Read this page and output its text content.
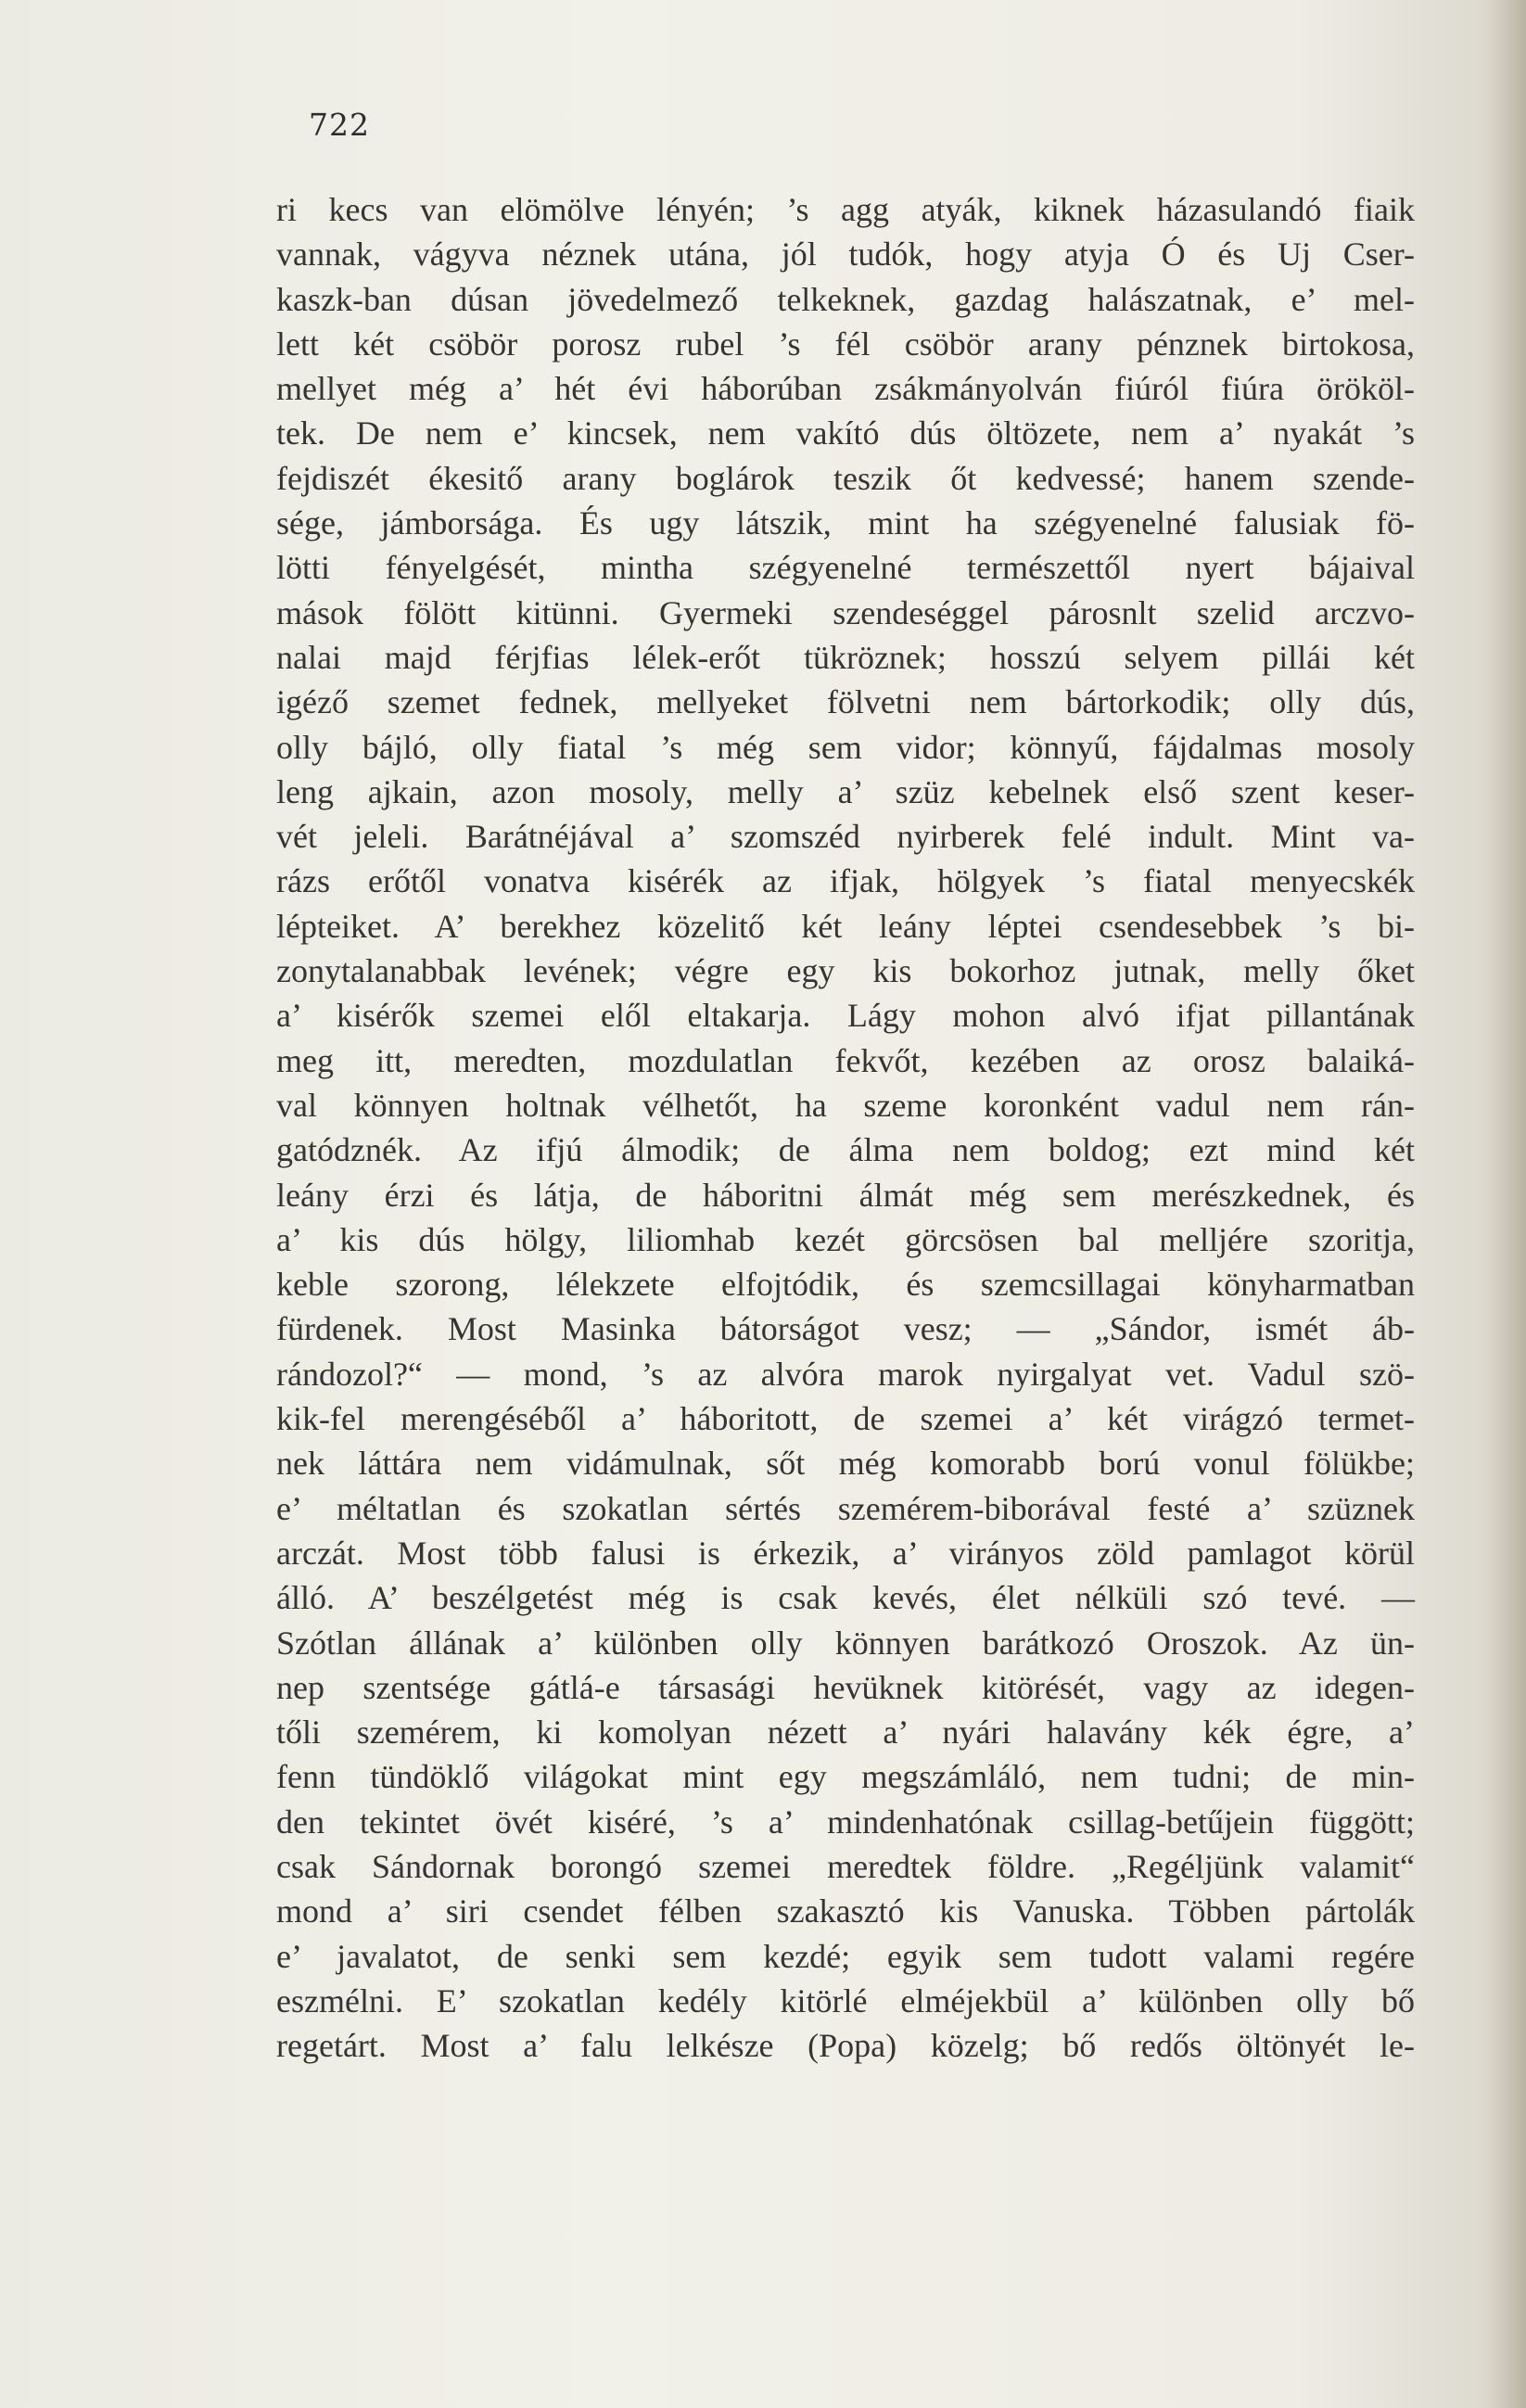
722
ri kecs van elömölve lényén; ’s agg atyák, kiknek házasulandó fiaik
vannak, vágyva néznek utána, jól tudók, hogy atyja Ó és Uj Cser-
kaszk-ban dúsan jövedelmező telkeknek, gazdag halászatnak, e’ mel-
lett két csöbör porosz rubel ’s fél csöbör arany pénznek birtokosa,
mellyet még a’ hét évi háborúban zsákmányolván fiúról fiúra örököl-
tek. De nem e’ kincsek, nem vakító dús öltözete, nem a’ nyakát ’s
fejdiszét ékesitő arany boglárok teszik őt kedvessé; hanem szende-
sége, jámborsága. És ugy látszik, mint ha szégyenelné falusiak fö-
lötti fényelgését, mintha szégyenelné természettől nyert bájaival
mások fölött kitünni. Gyermeki szendeséggel párosnlt szelid arczvo-
nalai majd férjfias lélek-erőt tükröznek; hosszú selyem pillái két
igéző szemet fednek, mellyeket fölvetni nem bártorkodik; olly dús,
olly bájló, olly fiatal ’s még sem vidor; könnyű, fájdalmas mosoly
leng ajkain, azon mosoly, melly a’ szüz kebelnek első szent keser-
vét jeleli. Barátnéjával a’ szomszéd nyirberek felé indult. Mint va-
rázs erőtől vonatva kisérék az ifjak, hölgyek ’s fiatal menyecskék
lépteiket. A’ berekhez közelitő két leány léptei csendesebbek ’s bi-
zonytalanabbak levének; végre egy kis bokorhoz jutnak, melly őket
a’ kisérők szemei elől eltakarja. Lágy mohon alvó ifjat pillantának
meg itt, meredten, mozdulatlan fekvőt, kezében az orosz balaiká-
val könnyen holtnak vélhetőt, ha szeme koronként vadul nem rán-
gatódznék. Az ifjú álmodik; de álma nem boldog; ezt mind két
leány érzi és látja, de háboritni álmát még sem merészkednek, és
a’ kis dús hölgy, liliomhab kezét görcsösen bal melljére szoritja,
keble szorong, lélekzete elfojtódik, és szemcsillagai könyharmatban
fürdenek. Most Masinka bátorságot vesz; — „Sándor, ismét áb-
rándozol?“ — mond, ’s az alvóra marok nyirgalyat vet. Vadul szö-
kik-fel merengéséből a’ háboritott, de szemei a’ két virágzó termet-
nek láttára nem vidámulnak, sőt még komorabb ború vonul fölükbe;
e’ méltatlan és szokatlan sértés szemérem-biborával festé a’ szüznek
arczát. Most több falusi is érkezik, a’ virányos zöld pamlagot körül
álló. A’ beszélgetést még is csak kevés, élet nélküli szó tevé. —
Szótlan állának a’ különben olly könnyen barátkozó Oroszok. Az ün-
nep szentsége gátlá-e társasági hevüknek kitörését, vagy az idegen-
tőli szemérem, ki komolyan nézett a’ nyári halavány kék égre, a’
fenn tündöklő világokat mint egy megszámláló, nem tudni; de min-
den tekintet övét kiséré, ’s a’ mindenhatónak csillag-betűjein függött;
csak Sándornak borongó szemei meredtek földre. „Regéljünk valamit“
mond a’ siri csendet félben szakasztó kis Vanuska. Többen pártolák
e’ javalatot, de senki sem kezdé; egyik sem tudott valami regére
eszmélni. E’ szokatlan kedély kitörlé elméjekbül a’ különben olly bő
regetárt. Most a’ falu lelkésze (Popa) közelg; bő redős öltönyét le-
